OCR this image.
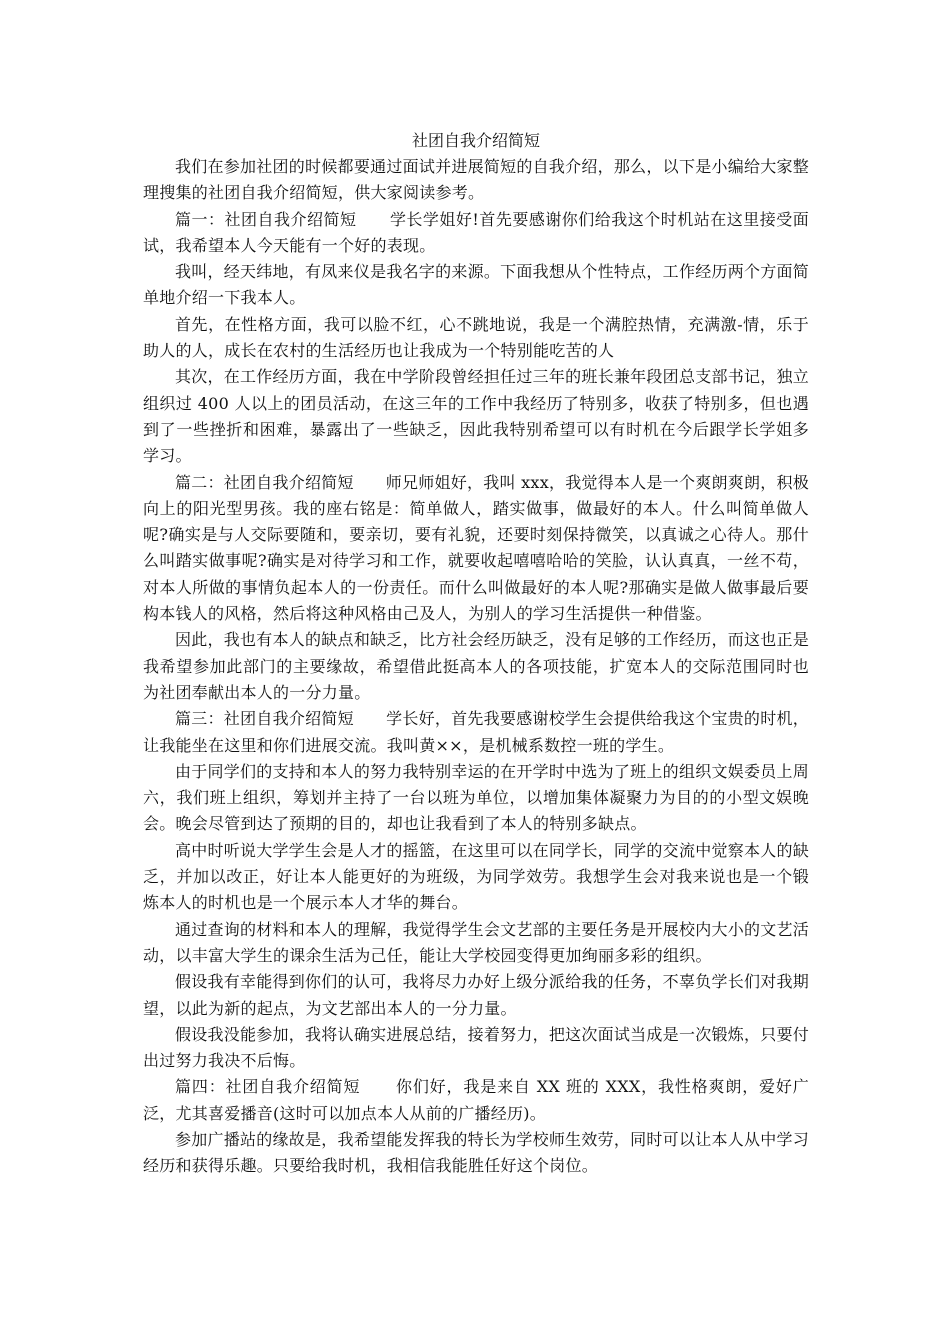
社团自我介绍简短

我们在参加社团的时候都要通过面试并进展简短的自我介绍，那么，以下是小编给大家整理搜集的社团自我介绍简短，供大家阅读参考。

篇一：社团自我介绍简短 学长学姐好!首先要感谢你们给我这个时机站在这里接受面试，我希望本人今天能有一个好的表现。

我叫，经天纬地，有凤来仪是我名字的来源。下面我想从个性特点，工作经历两个方面简单地介绍一下我本人。

首先，在性格方面，我可以脸不红，心不跳地说，我是一个满腔热情，充满激-情，乐于助人的人，成长在农村的生活经历也让我成为一个特别能吃苦的人

其次，在工作经历方面，我在中学阶段曾经担任过三年的班长兼年段团总支部书记，独立组织过 400 人以上的团员活动，在这三年的工作中我经历了特别多，收获了特别多，但也遇到了一些挫折和困难，暴露出了一些缺乏，因此我特别希望可以有时机在今后跟学长学姐多学习。

篇二：社团自我介绍简短 师兄师姐好，我叫 xxx，我觉得本人是一个爽朗爽朗，积极向上的阳光型男孩。我的座右铭是：简单做人，踏实做事，做最好的本人。什么叫简单做人呢?确实是与人交际要随和，要亲切，要有礼貌，还要时刻保持微笑，以真诚之心待人。那什么叫踏实做事呢?确实是对待学习和工作，就要收起嘻嘻哈哈的笑脸，认认真真，一丝不苟，对本人所做的事情负起本人的一份责任。而什么叫做最好的本人呢?那确实是做人做事最后要构本钱人的风格，然后将这种风格由己及人，为别人的学习生活提供一种借鉴。

因此，我也有本人的缺点和缺乏，比方社会经历缺乏，没有足够的工作经历，而这也正是我希望参加此部门的主要缘故，希望借此挺高本人的各项技能，扩宽本人的交际范围同时也为社团奉献出本人的一分力量。

篇三：社团自我介绍简短 学长好，首先我要感谢校学生会提供给我这个宝贵的时机，让我能坐在这里和你们进展交流。我叫黄××，是机械系数控一班的学生。

由于同学们的支持和本人的努力我特别幸运的在开学时中选为了班上的组织文娱委员上周六，我们班上组织，筹划并主持了一台以班为单位，以增加集体凝聚力为目的的小型文娱晚会。晚会尽管到达了预期的目的，却也让我看到了本人的特别多缺点。

高中时听说大学学生会是人才的摇篮，在这里可以在同学长，同学的交流中觉察本人的缺乏，并加以改正，好让本人能更好的为班级，为同学效劳。我想学生会对我来说也是一个锻炼本人的时机也是一个展示本人才华的舞台。

通过查询的材料和本人的理解，我觉得学生会文艺部的主要任务是开展校内大小的文艺活动，以丰富大学生的课余生活为己任，能让大学校园变得更加绚丽多彩的组织。

假设我有幸能得到你们的认可，我将尽力办好上级分派给我的任务，不辜负学长们对我期望，以此为新的起点，为文艺部出本人的一分力量。

假设我没能参加，我将认确实进展总结，接着努力，把这次面试当成是一次锻炼，只要付出过努力我决不后悔。

篇四：社团自我介绍简短 你们好，我是来自 XX 班的 XXX，我性格爽朗，爱好广泛，尤其喜爱播音(这时可以加点本人从前的广播经历)。

参加广播站的缘故是，我希望能发挥我的特长为学校师生效劳，同时可以让本人从中学习经历和获得乐趣。只要给我时机，我相信我能胜任好这个岗位。
